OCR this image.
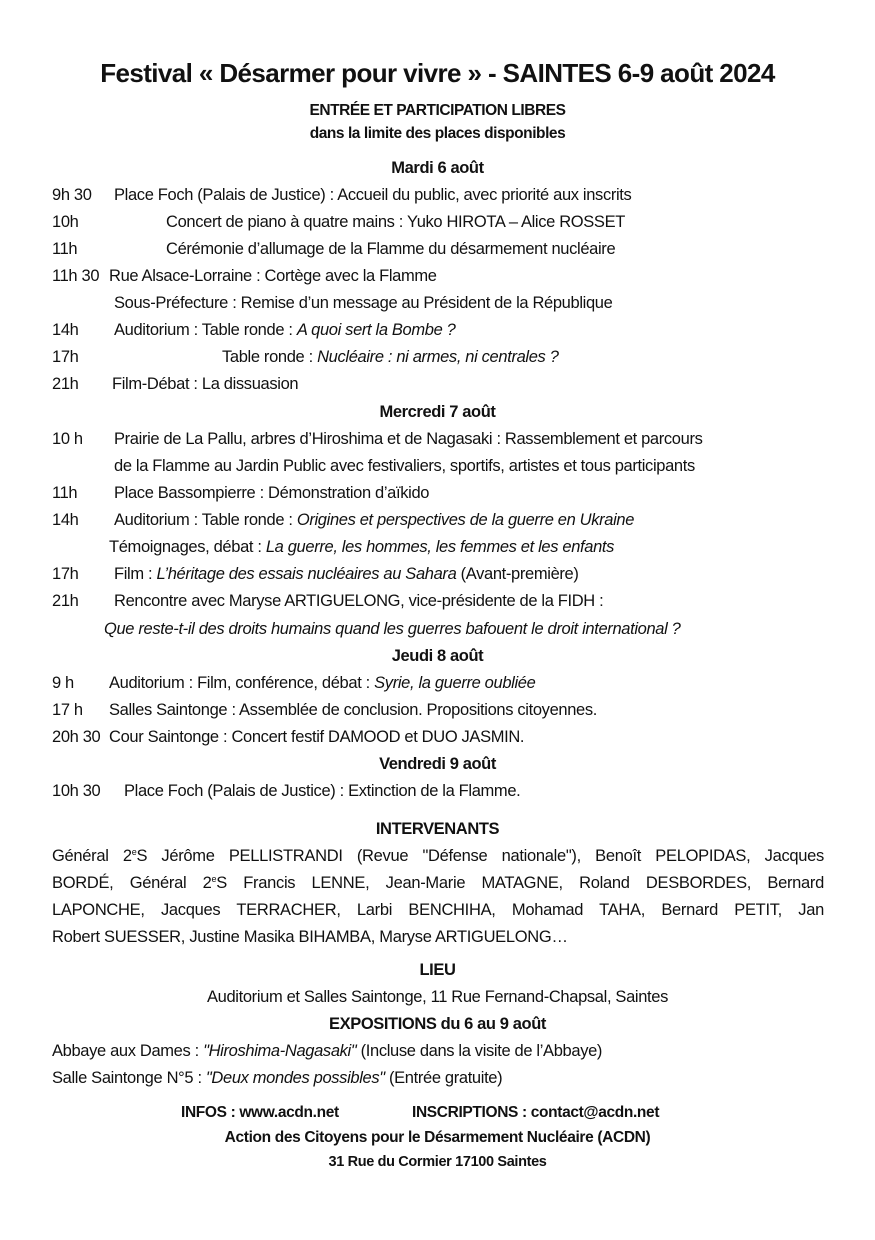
Festival « Désarmer pour vivre » - SAINTES 6-9 août 2024
ENTRÉE ET PARTICIPATION LIBRES
dans la limite des places disponibles
Mardi 6 août
9h 30 Place Foch (Palais de Justice) : Accueil du public, avec priorité aux inscrits
10h	Concert de piano à quatre mains : Yuko HIROTA – Alice ROSSET
11h	Cérémonie d’allumage de la Flamme du désarmement nucléaire
11h 30 Rue Alsace-Lorraine : Cortège avec la Flamme
Sous-Préfecture : Remise d’un message au Président de la République
14h Auditorium : Table ronde : A quoi sert la Bombe ?
17h	Table ronde : Nucléaire : ni armes, ni centrales ?
21h Film-Débat : La dissuasion
Mercredi 7 août
10 h Prairie de La Pallu, arbres d’Hiroshima et de Nagasaki : Rassemblement et parcours
de la Flamme au Jardin Public avec festivaliers, sportifs, artistes et tous participants
11h Place Bassompierre : Démonstration d’aïkido
14h Auditorium : Table ronde : Origines et perspectives de la guerre en Ukraine
Témoignages, débat : La guerre, les hommes, les femmes et les enfants
17h Film : L’héritage des essais nucléaires au Sahara (Avant-première)
21h Rencontre avec Maryse ARTIGUELONG, vice-présidente de la FIDH :
Que reste-t-il des droits humains quand les guerres bafouent le droit international ?
Jeudi 8 août
9 h Auditorium : Film, conférence, débat : Syrie, la guerre oubliée
17 h Salles Saintonge : Assemblée de conclusion. Propositions citoyennes.
20h 30 Cour Saintonge : Concert festif DAMOOD et DUO JASMIN.
Vendredi 9 août
10h 30 Place Foch (Palais de Justice) : Extinction de la Flamme.
INTERVENANTS
Général 2eS Jérôme PELLISTRANDI (Revue "Défense nationale"), Benoît PELOPIDAS, Jacques
BORDÉ, Général 2eS Francis LENNE, Jean-Marie MATAGNE, Roland DESBORDES, Bernard
LAPONCHE, Jacques TERRACHER, Larbi BENCHIHA, Mohamad TAHA, Bernard PETIT, Jan
Robert SUESSER, Justine Masika BIHAMBA, Maryse ARTIGUELONG…
LIEU
Auditorium et Salles Saintonge, 11 Rue Fernand-Chapsal, Saintes
EXPOSITIONS du 6 au 9 août
Abbaye aux Dames : "Hiroshima-Nagasaki" (Incluse dans la visite de l’Abbaye)
Salle Saintonge N°5 : "Deux mondes possibles" (Entrée gratuite)
INFOS : www.acdn.net	INSCRIPTIONS : contact@acdn.net
Action des Citoyens pour le Désarmement Nucléaire (ACDN)
31 Rue du Cormier 17100 Saintes
